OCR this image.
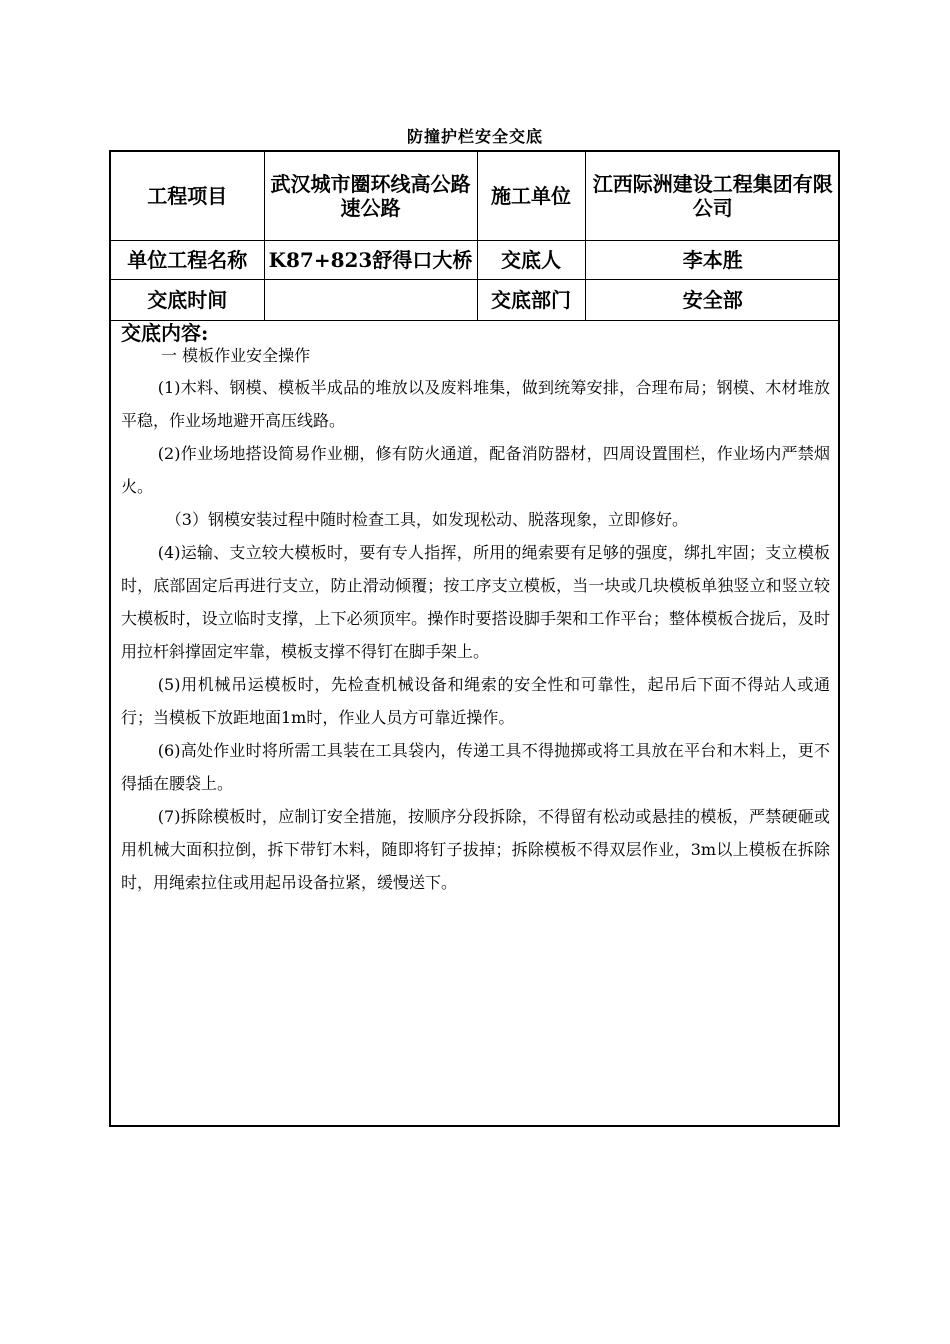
防撞护栏安全交底
工程项目	武汉城市圈环线高公路速公路	施工单位	江西际洲建设工程集团有限公司
单位工程名称	K87+823舒得口大桥	交底人	李本胜
交底时间		交底部门	安全部
交底内容:
一 模板作业安全操作

(1)木料、钢模、模板半成品的堆放以及废料堆集，做到统筹安排，合理布局；钢模、木材堆放平稳，作业场地避开高压线路。

(2)作业场地搭设简易作业棚，修有防火通道，配备消防器材，四周设置围栏，作业场内严禁烟火。

（3）钢模安装过程中随时检查工具，如发现松动、脱落现象，立即修好。

(4)运输、支立较大模板时，要有专人指挥，所用的绳索要有足够的强度，绑扎牢固；支立模板时，底部固定后再进行支立，防止滑动倾覆；按工序支立模板，当一块或几块模板单独竖立和竖立较大模板时，设立临时支撑，上下必须顶牢。操作时要搭设脚手架和工作平台；整体模板合拢后，及时用拉杆斜撑固定牢靠，模板支撑不得钉在脚手架上。

(5)用机械吊运模板时，先检查机械设备和绳索的安全性和可靠性，起吊后下面不得站人或通行；当模板下放距地面1m时，作业人员方可靠近操作。

(6)高处作业时将所需工具装在工具袋内，传递工具不得抛掷或将工具放在平台和木料上，更不得插在腰袋上。

(7)拆除模板时，应制订安全措施，按顺序分段拆除，不得留有松动或悬挂的模板，严禁硬砸或用机械大面积拉倒，拆下带钉木料，随即将钉子拔掉；拆除模板不得双层作业，3m以上模板在拆除时，用绳索拉住或用起吊设备拉紧，缓慢送下。
